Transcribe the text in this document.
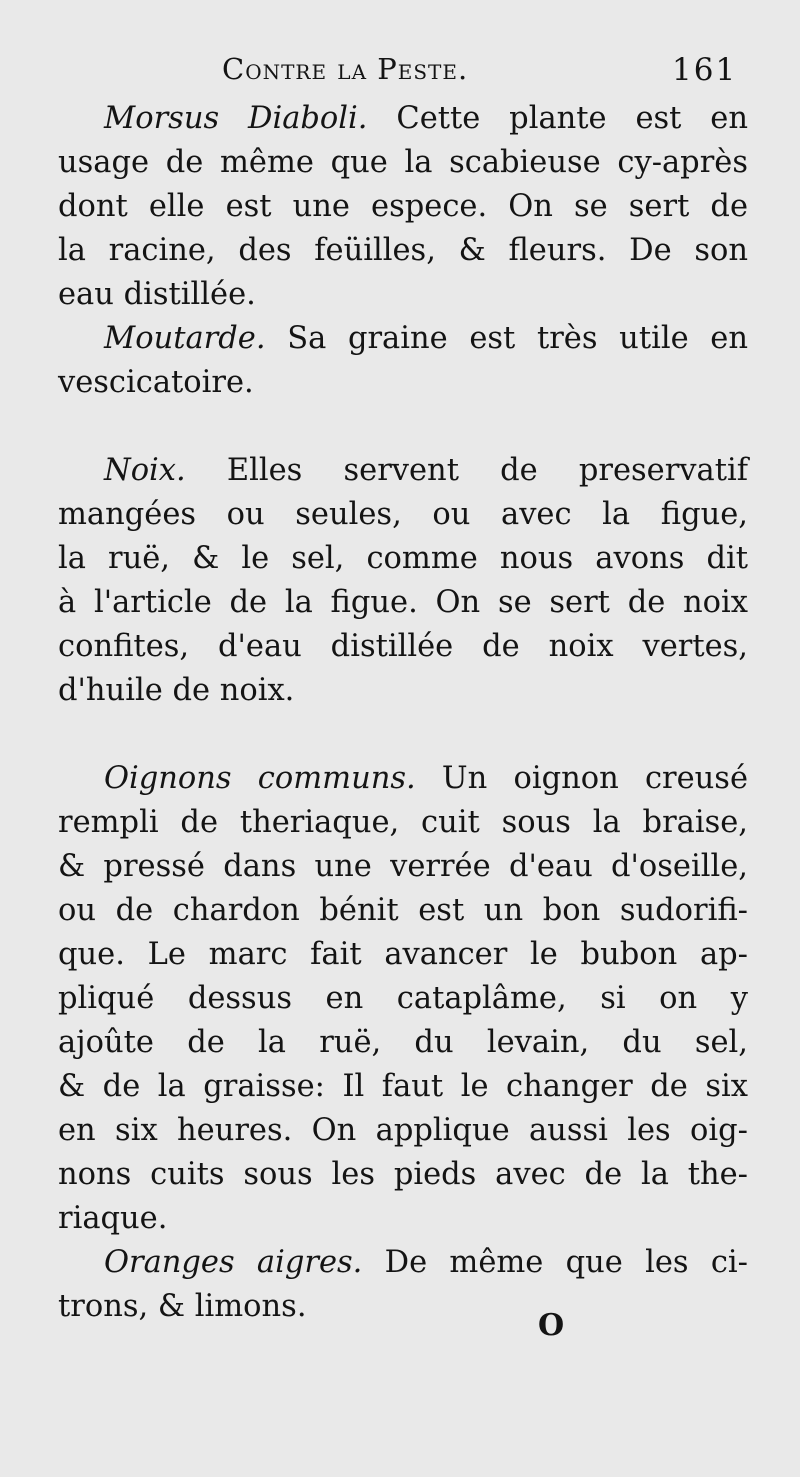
Contre la Peste.	161
Morsus Diaboli. Cette plante est en
usage de même que la scabieuse cy-après
dont elle est une espece. On se sert de
la racine, des feüilles, & fleurs. De son
eau distillée.
Moutarde. Sa graine est très utile en
vescicatoire.
Noix. Elles servent de preservatif
mangées ou seules, ou avec la figue,
la ruë, & le sel, comme nous avons dit
à l'article de la figue. On se sert de noix
confites, d'eau distillée de noix vertes,
d'huile de noix.
Oignons communs. Un oignon creusé
rempli de theriaque, cuit sous la braise,
& pressé dans une verrée d'eau d'oseille,
ou de chardon bénit est un bon sudorifi-
que. Le marc fait avancer le bubon ap-
pliqué dessus en cataplâme, si on y
ajoûte de la ruë, du levain, du sel,
& de la graisse: Il faut le changer de six
en six heures. On applique aussi les oig-
nons cuits sous les pieds avec de la the-
riaque.
Oranges aigres. De même que les ci-
trons, & limons.
O
